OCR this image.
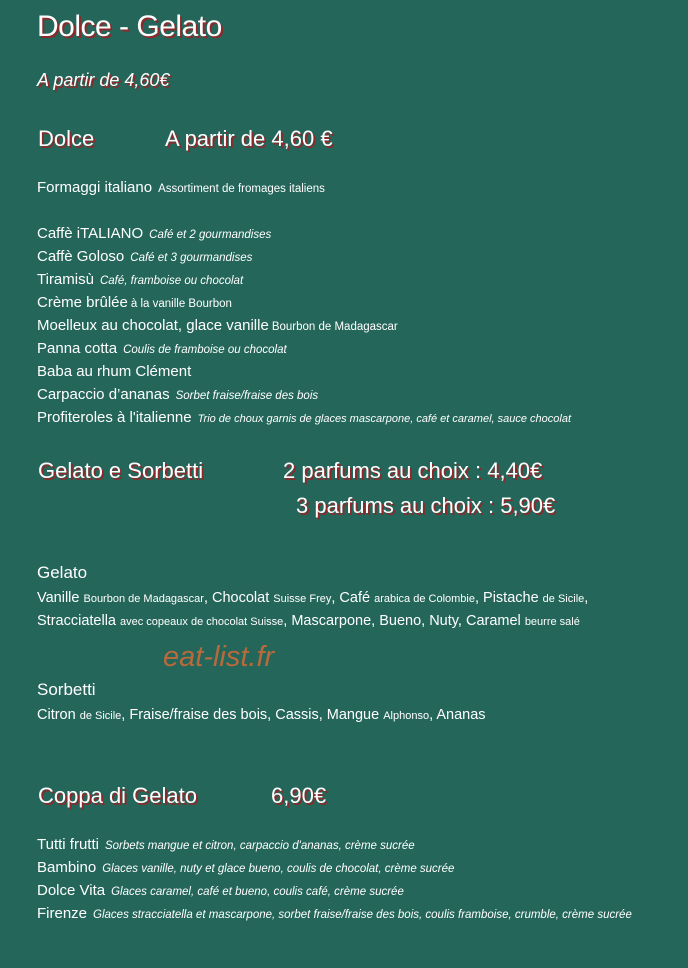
Dolce - Gelato
A partir de 4,60€
Dolce	A partir de 4,60 €
Formaggi italiano Assortiment de fromages italiens
Caffè iTALIANO Café et 2 gourmandises
Caffè Goloso Café et 3 gourmandises
Tiramisù Café, framboise ou chocolat
Crème brûlée à la vanille Bourbon
Moelleux au chocolat, glace vanille Bourbon de Madagascar
Panna cotta Coulis de framboise ou chocolat
Baba au rhum Clément
Carpaccio d’ananas Sorbet fraise/fraise des bois
Profiteroles à l'italienne Trio de choux garnis de glaces mascarpone, café et caramel, sauce chocolat
Gelato e Sorbetti	2 parfums au choix : 4,40€
3 parfums au choix : 5,90€
Gelato
Vanille Bourbon de Madagascar, Chocolat Suisse Frey, Café arabica de Colombie, Pistache de Sicile,
Stracciatella avec copeaux de chocolat Suisse, Mascarpone, Bueno, Nuty, Caramel beurre salé
eat-list.fr
Sorbetti
Citron de Sicile, Fraise/fraise des bois, Cassis, Mangue Alphonso, Ananas
Coppa di Gelato	6,90€
Tutti frutti Sorbets mangue et citron, carpaccio d'ananas, crème sucrée
Bambino Glaces vanille, nuty et glace bueno, coulis de chocolat, crème sucrée
Dolce Vita Glaces caramel, café et bueno, coulis café, crème sucrée
Firenze Glaces stracciatella et mascarpone, sorbet fraise/fraise des bois, coulis framboise, crumble, crème sucrée
